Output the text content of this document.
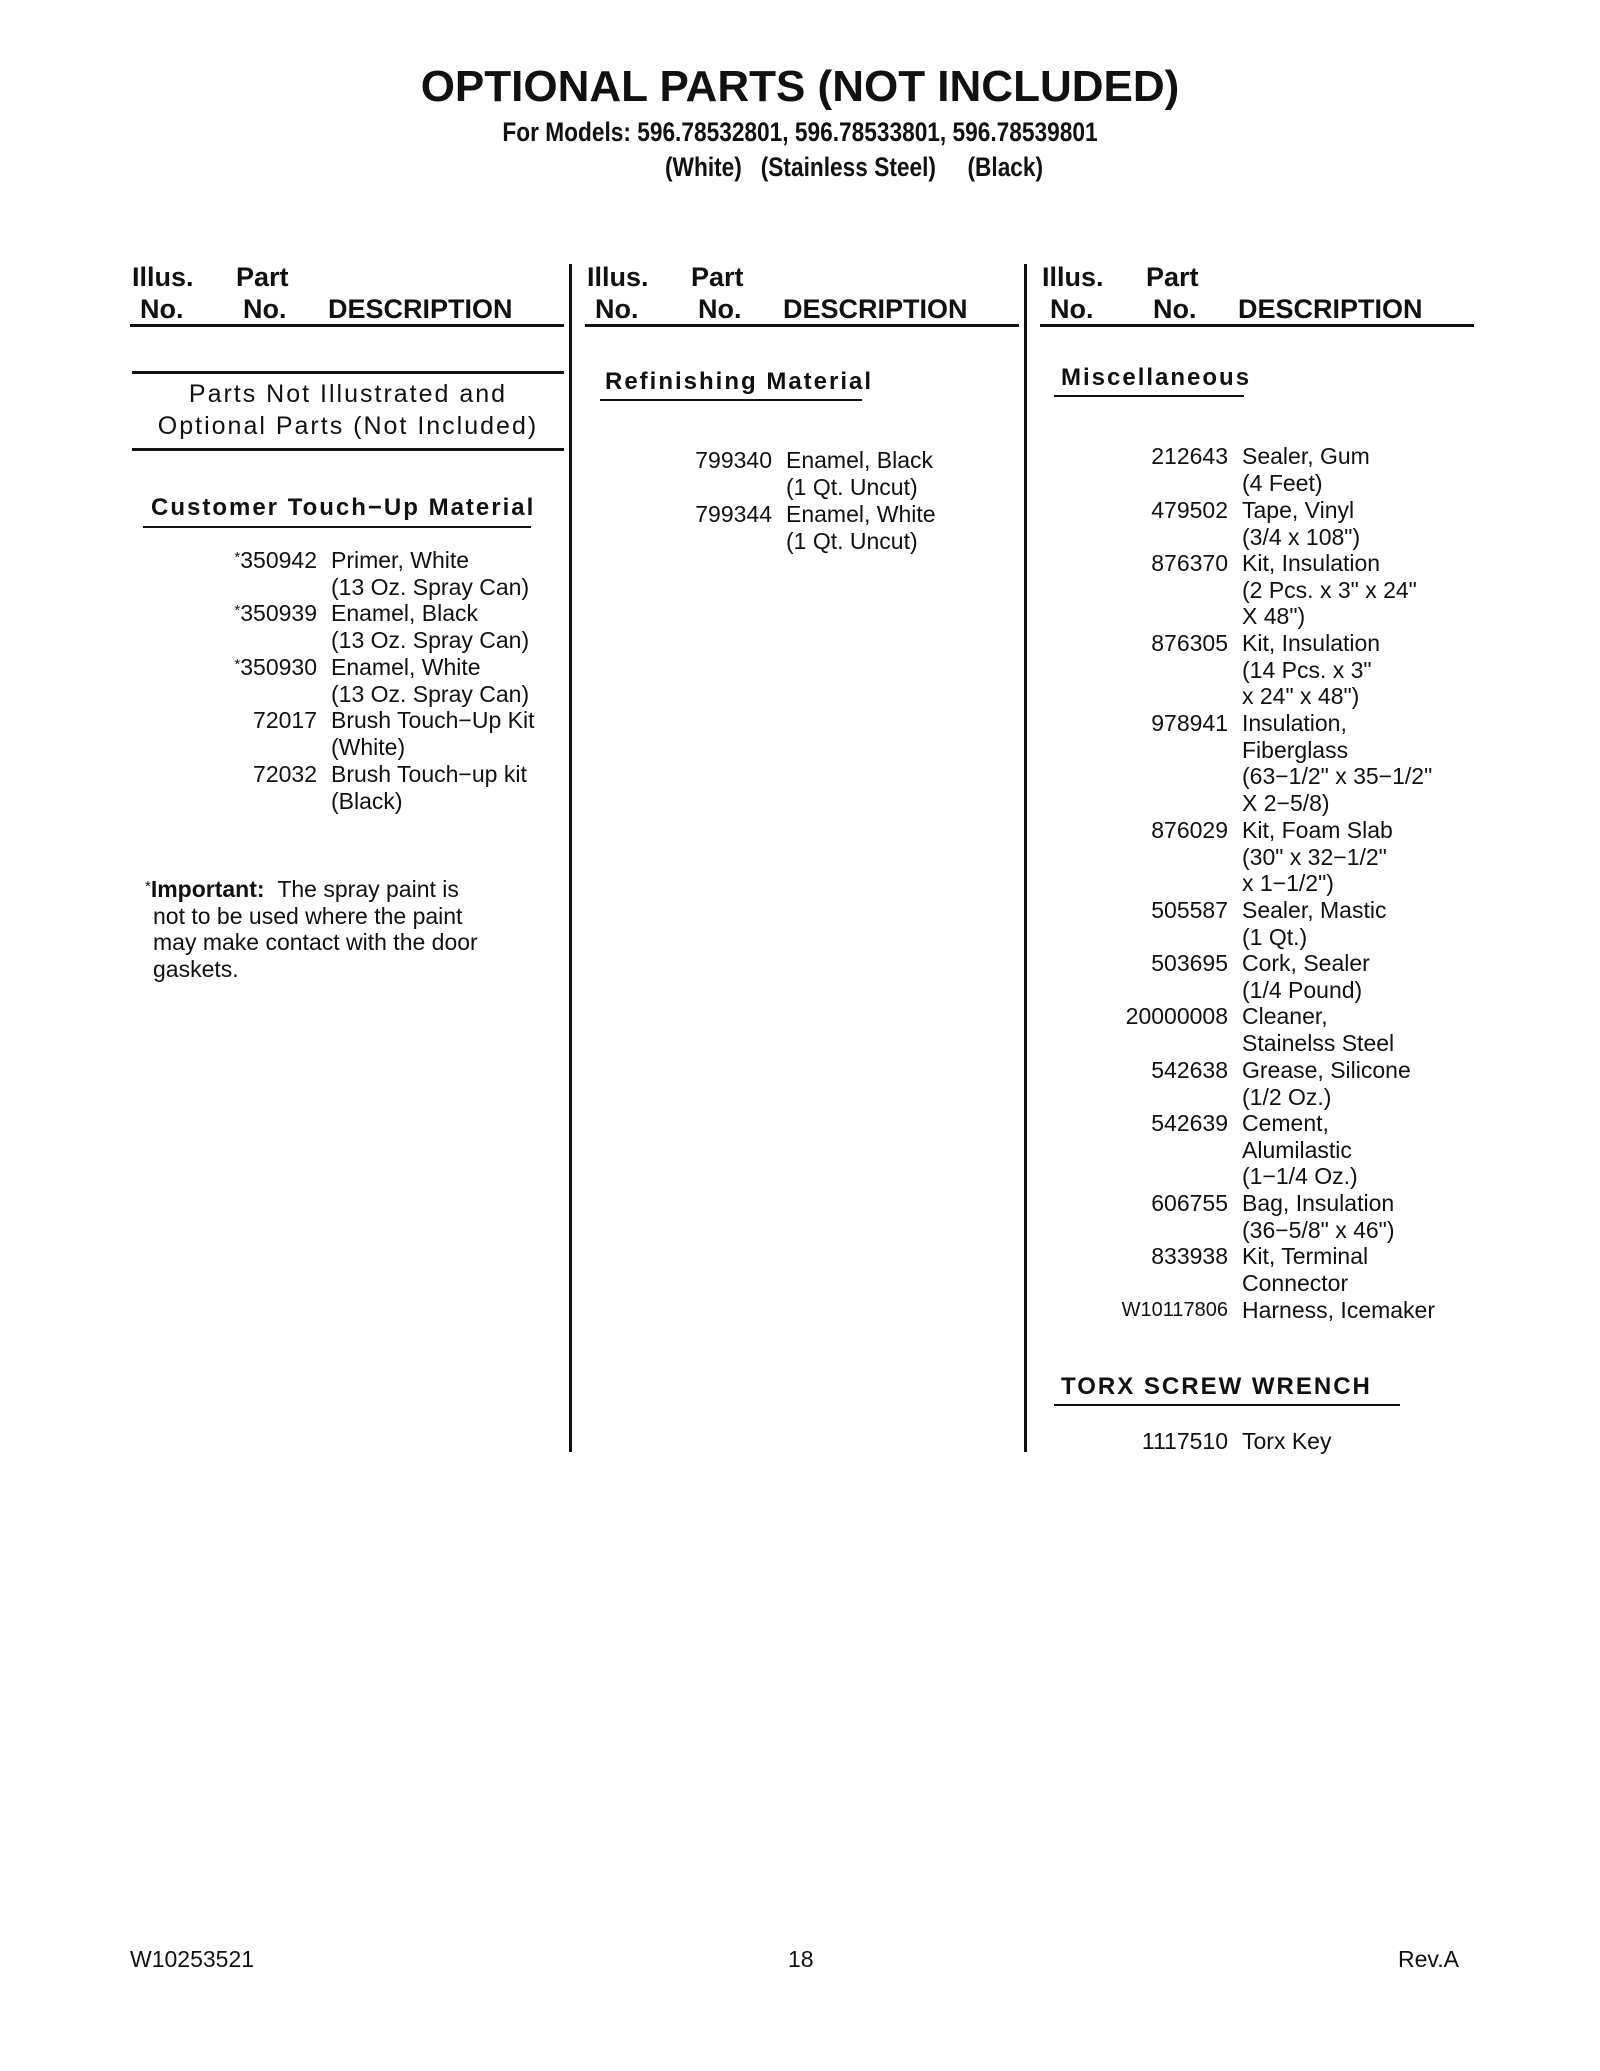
OPTIONAL PARTS (NOT INCLUDED)
For Models: 596.78532801, 596.78533801, 596.78539801
(White) (Stainless Steel) (Black)
Illus. Part
No. No. DESCRIPTION
Illus. Part
No. No. DESCRIPTION
Illus. Part
No. No. DESCRIPTION
Parts Not Illustrated and
Optional Parts (Not Included)
Customer Touch−Up Material
*350942 Primer, White
(13 Oz. Spray Can)
*350939 Enamel, Black
(13 Oz. Spray Can)
*350930 Enamel, White
(13 Oz. Spray Can)
72017 Brush Touch−Up Kit
(White)
72032 Brush Touch−up kit
(Black)
*Important: The spray paint is
not to be used where the paint
may make contact with the door
gaskets.
Refinishing Material
799340 Enamel, Black
(1 Qt. Uncut)
799344 Enamel, White
(1 Qt. Uncut)
Miscellaneous
212643 Sealer, Gum
(4 Feet)
479502 Tape, Vinyl
(3/4 x 108")
876370 Kit, Insulation
(2 Pcs. x 3" x 24"
X 48")
876305 Kit, Insulation
(14 Pcs. x 3"
x 24" x 48")
978941 Insulation,
Fiberglass
(63−1/2" x 35−1/2"
X 2−5/8)
876029 Kit, Foam Slab
(30" x 32−1/2"
x 1−1/2")
505587 Sealer, Mastic
(1 Qt.)
503695 Cork, Sealer
(1/4 Pound)
20000008 Cleaner,
Stainelss Steel
542638 Grease, Silicone
(1/2 Oz.)
542639 Cement,
Alumilastic
(1−1/4 Oz.)
606755 Bag, Insulation
(36−5/8" x 46")
833938 Kit, Terminal
Connector
W10117806 Harness, Icemaker
TORX SCREW WRENCH
1117510 Torx Key
W10253521	18	Rev.A
